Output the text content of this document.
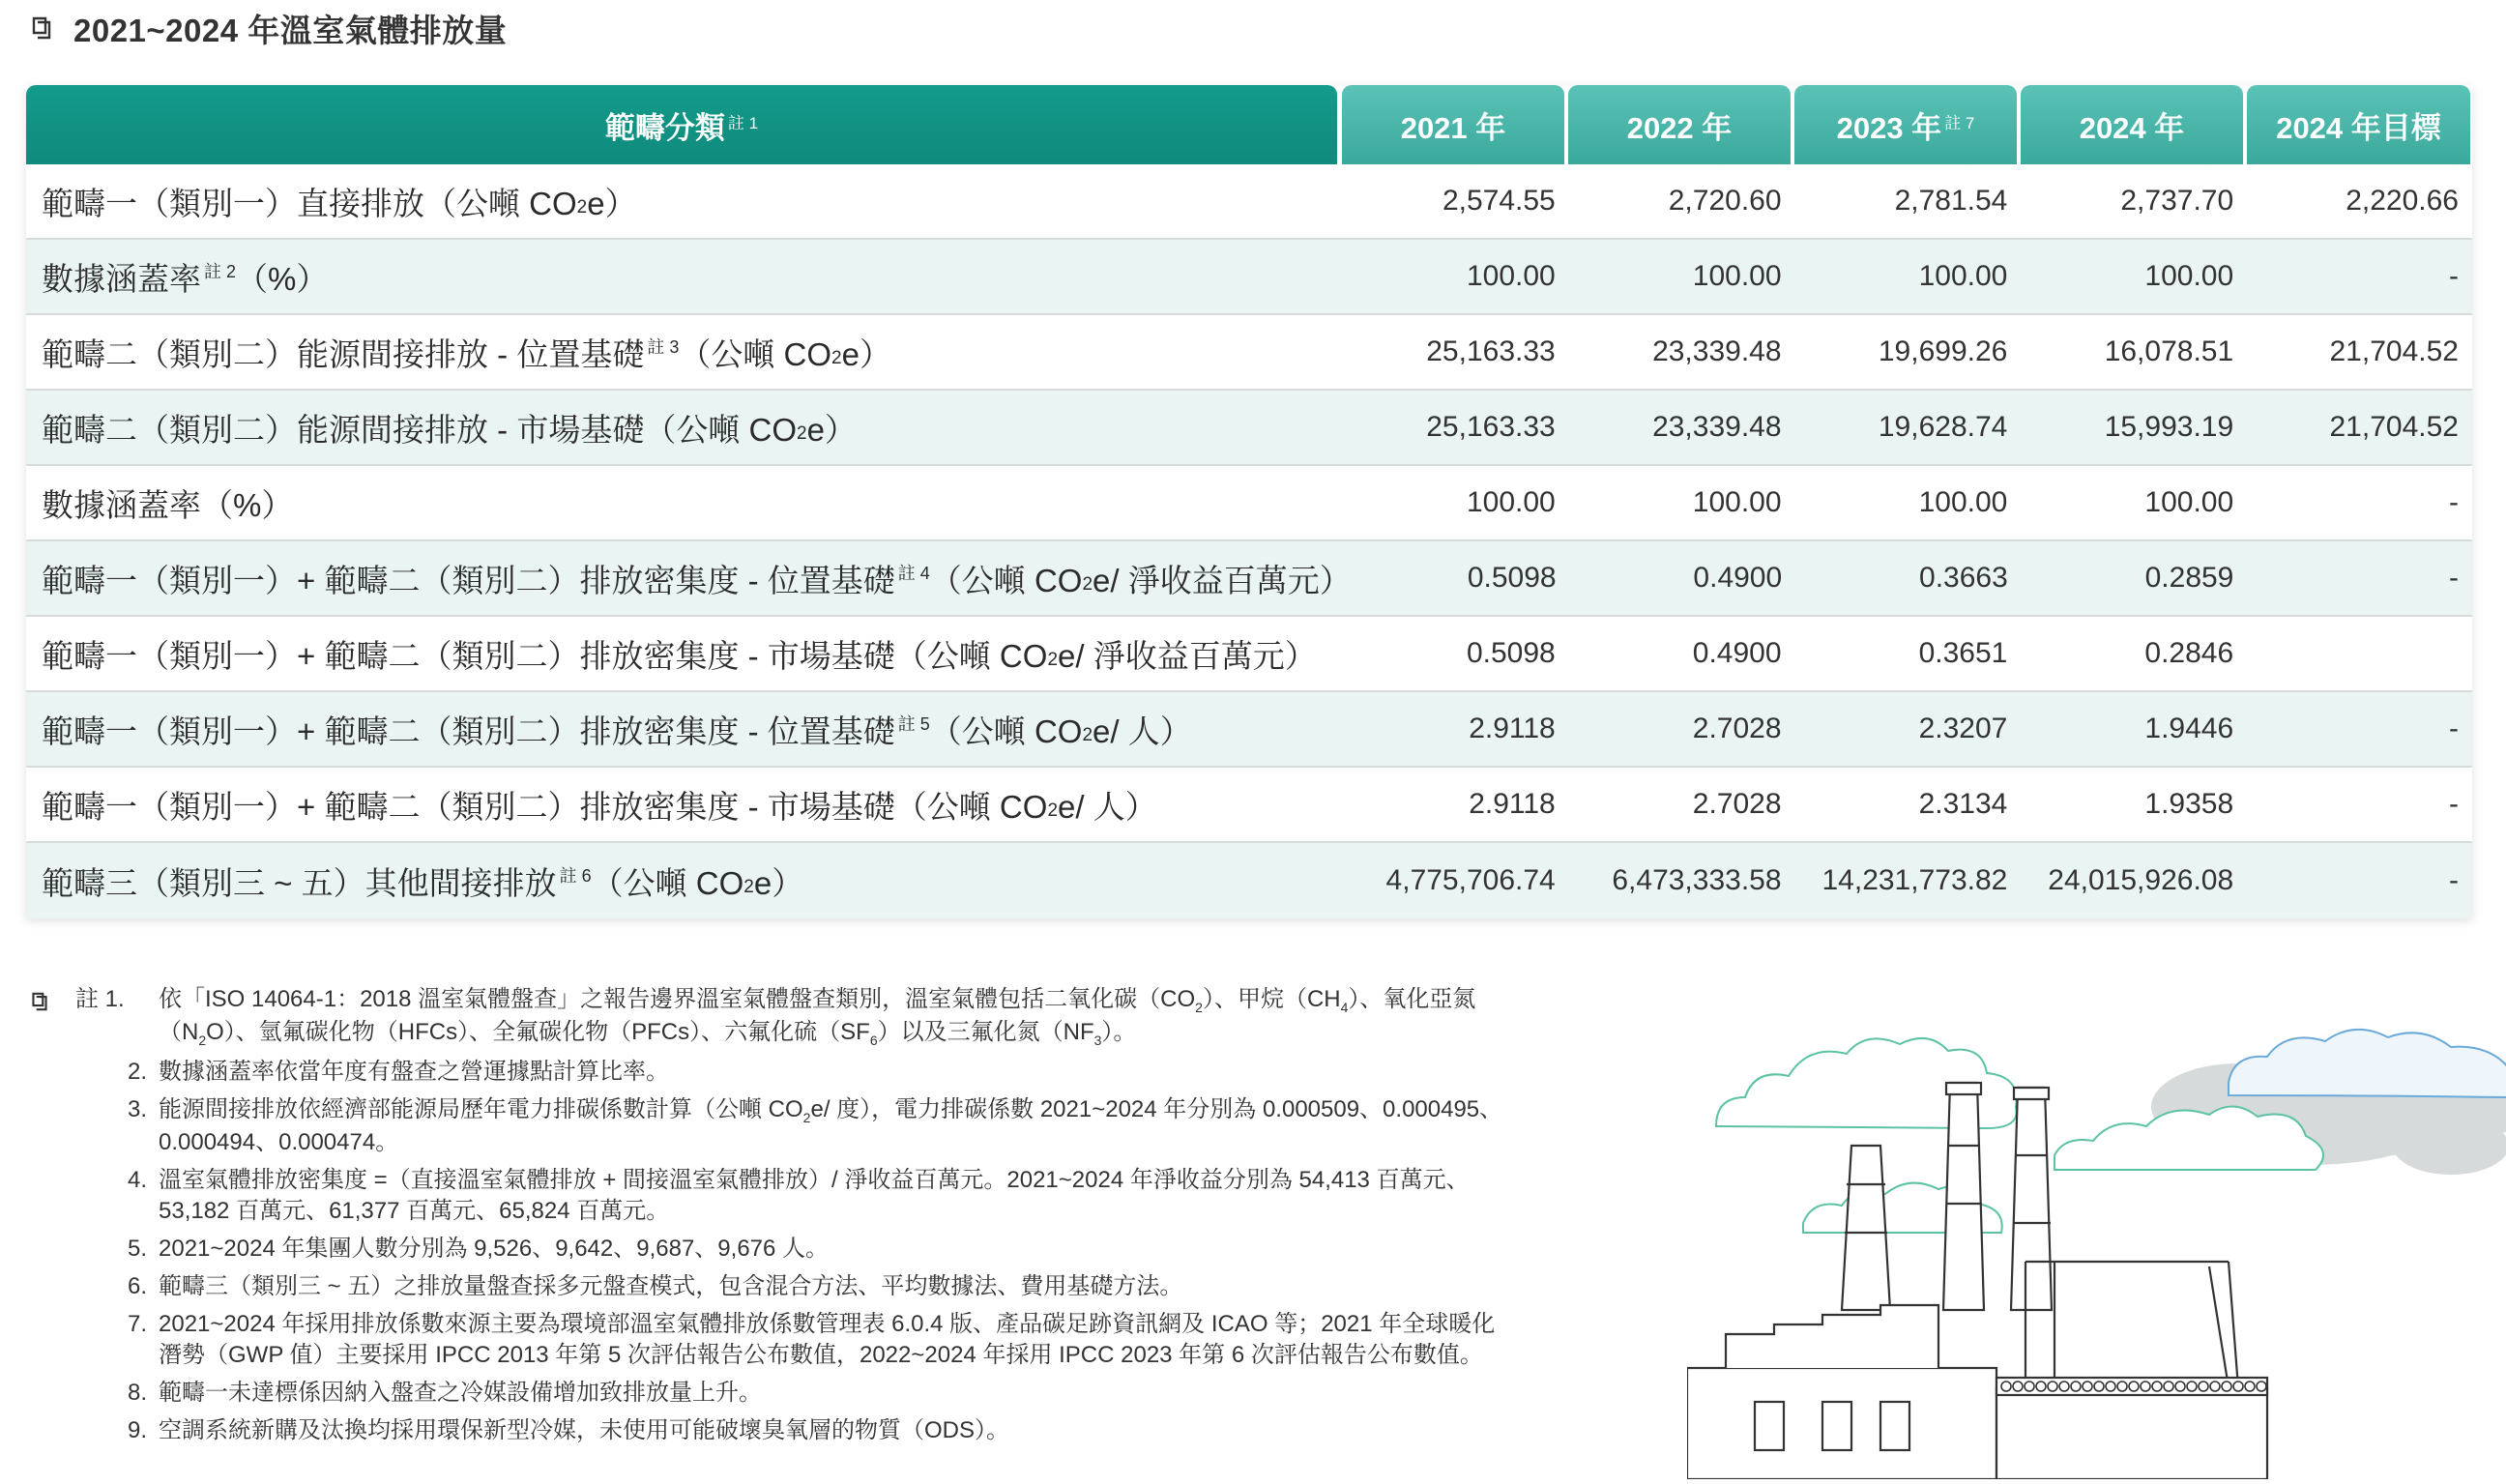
2021~2024 年溫室氣體排放量
範疇分類$^{註 1}$	2021 年	2022 年	2023 年$^{註 7}$	2024 年	2024 年目標
範疇一（類別一）直接排放（公噸 $CO_2$ e）	2,574.55	2,720.60	2,781.54	2,737.70	2,220.66
數據涵蓋率$^{註 2}$ （%）	100.00	100.00	100.00	100.00	-
範疇二（類別二）能源間接排放 - 位置基礎$^{註 3}$ （公噸 $CO_2$ e）	25,163.33	23,339.48	19,699.26	16,078.51	21,704.52
範疇二（類別二）能源間接排放 - 市場基礎（公噸 $CO_2$ e）	25,163.33	23,339.48	19,628.74	15,993.19	21,704.52
數據涵蓋率（%）	100.00	100.00	100.00	100.00	-
範疇一（類別一）+ 範疇二（類別二）排放密集度 - 位置基礎$^{註 4}$ （公噸 $CO_2$ e/ 淨收益百萬元）	0.5098	0.4900	0.3663	0.2859	-
範疇一（類別一）+ 範疇二（類別二）排放密集度 - 市場基礎（公噸 $CO_2$ e/ 淨收益百萬元）	0.5098	0.4900	0.3651	0.2846
範疇一（類別一）+ 範疇二（類別二）排放密集度 - 位置基礎$^{註 5}$ （公噸 $CO_2$ e/ 人）	2.9118	2.7028	2.3207	1.9446	-
範疇一（類別一）+ 範疇二（類別二）排放密集度 - 市場基礎（公噸 $CO_2$ e/ 人）	2.9118	2.7028	2.3134	1.9358	-
範疇三（類別三 ~ 五）其他間接排放$^{註 6}$ （公噸 $CO_2$ e）	4,775,706.74	6,473,333.58	14,231,773.82	24,015,926.08	-
註 1. 依「ISO 14064-1：2018 溫室氣體盤查」之報告邊界溫室氣體盤查類別，溫室氣體包括二氧化碳$(CO_2)$、甲烷$(CH_4)$、氧化亞氮
$(N_2O)$、氫氟碳化物（HFCs）、全氟碳化物（PFCs）、六氟化硫$(SF_6)$以及三氟化氮$(NF_3)$。
2. 數據涵蓋率依當年度有盤查之營運據點計算比率。
3. 能源間接排放依經濟部能源局歷年電力排碳係數計算（公噸 $CO_2e/$ 度），電力排碳係數 2021~2024 年分別為 0.000509、0.000495、
0.000494、0.000474。
4. 溫室氣體排放密集度 =（直接溫室氣體排放 + 間接溫室氣體排放）/ 淨收益百萬元。2021~2024 年淨收益分別為 54,413 百萬元、
53,182 百萬元、61,377 百萬元、65,824 百萬元。
5. 2021~2024 年集團人數分別為 9,526、9,642、9,687、9,676 人。
6. 範疇三（類別三 ~ 五）之排放量盤查採多元盤查模式，包含混合方法、平均數據法、費用基礎方法。
7. 2021~2024 年採用排放係數來源主要為環境部溫室氣體排放係數管理表 6.0.4 版、產品碳足跡資訊網及 ICAO 等；2021 年全球暖化
潛勢（GWP 值）主要採用 IPCC 2013 年第 5 次評估報告公布數值，2022~2024 年採用 IPCC 2023 年第 6 次評估報告公布數值。
8. 範疇一未達標係因納入盤查之冷媒設備增加致排放量上升。
9. 空調系統新購及汰換均採用環保新型冷媒，未使用可能破壞臭氧層的物質（ODS）。
